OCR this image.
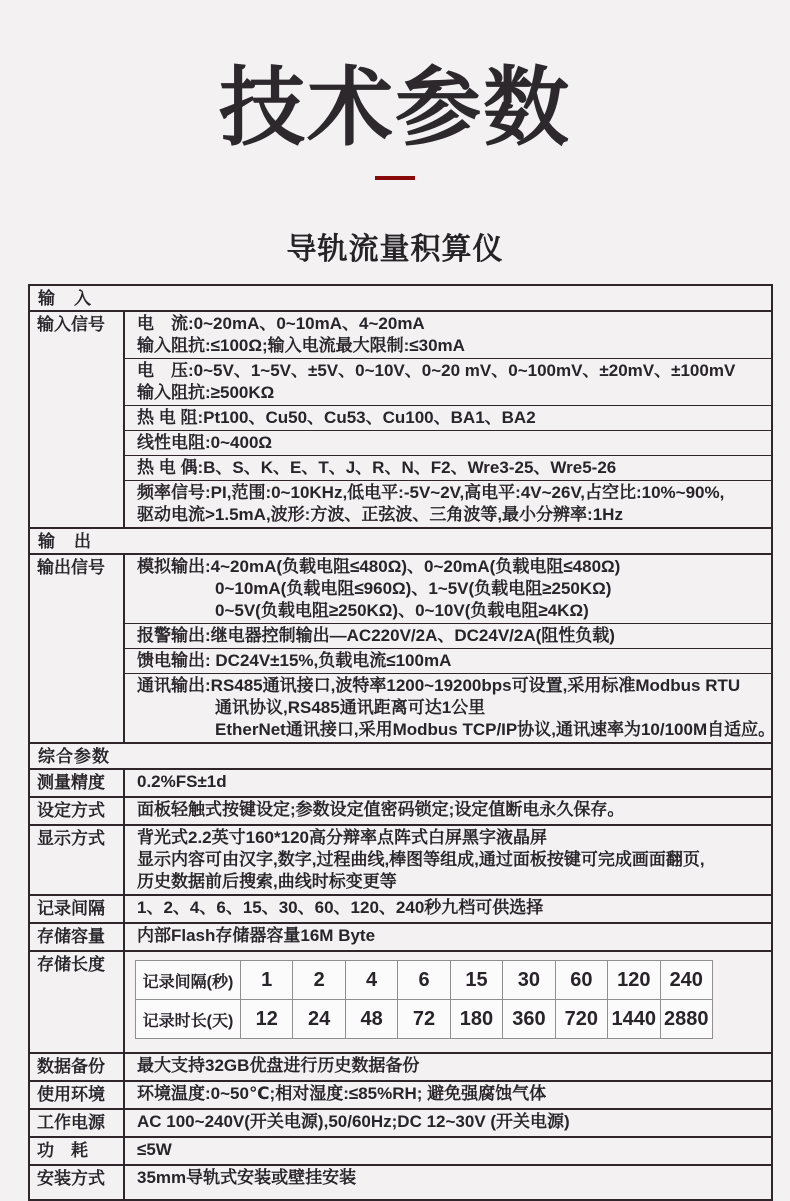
技术参数
导轨流量积算仪
输　入
输入信号	电　流:0~20mA、0~10mA、4~20mA
输入阻抗:≤100Ω;输入电流最大限制:≤30mA
电　压:0~5V、1~5V、±5V、0~10V、0~20 mV、0~100mV、±20mV、±100mV
输入阻抗:≥500KΩ
热 电 阻:Pt100、Cu50、Cu53、Cu100、BA1、BA2
线性电阻:0~400Ω
热 电 偶:B、S、K、E、T、J、R、N、F2、Wre3-25、Wre5-26
频率信号:PI,范围:0~10KHz,低电平:-5V~2V,高电平:4V~26V,占空比:10%~90%,
驱动电流>1.5mA,波形:方波、正弦波、三角波等,最小分辨率:1Hz
输　出
输出信号	模拟输出:4~20mA(负载电阻≤480Ω)、0~20mA(负载电阻≤480Ω)
0~10mA(负载电阻≤960Ω)、1~5V(负载电阻≥250KΩ)
0~5V(负载电阻≥250KΩ)、0~10V(负载电阻≥4KΩ)
报警输出:继电器控制输出—AC220V/2A、DC24V/2A(阻性负载)
馈电输出: DC24V±15%,负载电流≤100mA
通讯输出:RS485通讯接口,波特率1200~19200bps可设置,采用标准Modbus RTU
通讯协议,RS485通讯距离可达1公里
EtherNet通讯接口,采用Modbus TCP/IP协议,通讯速率为10/100M自适应。
综合参数
测量精度	0.2%FS±1d
设定方式	面板轻触式按键设定;参数设定值密码锁定;设定值断电永久保存。
显示方式	背光式2.2英寸160*120高分辩率点阵式白屏黑字液晶屏
显示内容可由汉字,数字,过程曲线,棒图等组成,通过面板按键可完成画面翻页,
历史数据前后搜索,曲线时标变更等
记录间隔	1、2、4、6、15、30、60、120、240秒九档可供选择
存储容量	内部Flash存储器容量16M Byte
存储长度
记录间隔(秒)	1	2	4	6	15	30	60	120	240
记录时长(天)	12	24	48	72	180	360	720	1440	2880
数据备份	最大支持32GB优盘进行历史数据备份
使用环境	环境温度:0~50℃;相对湿度:≤85%RH; 避免强腐蚀气体
工作电源	AC 100~240V(开关电源),50/60Hz;DC 12~30V (开关电源)
功　耗	≤5W
安装方式	35mm导轨式安装或壁挂安装
